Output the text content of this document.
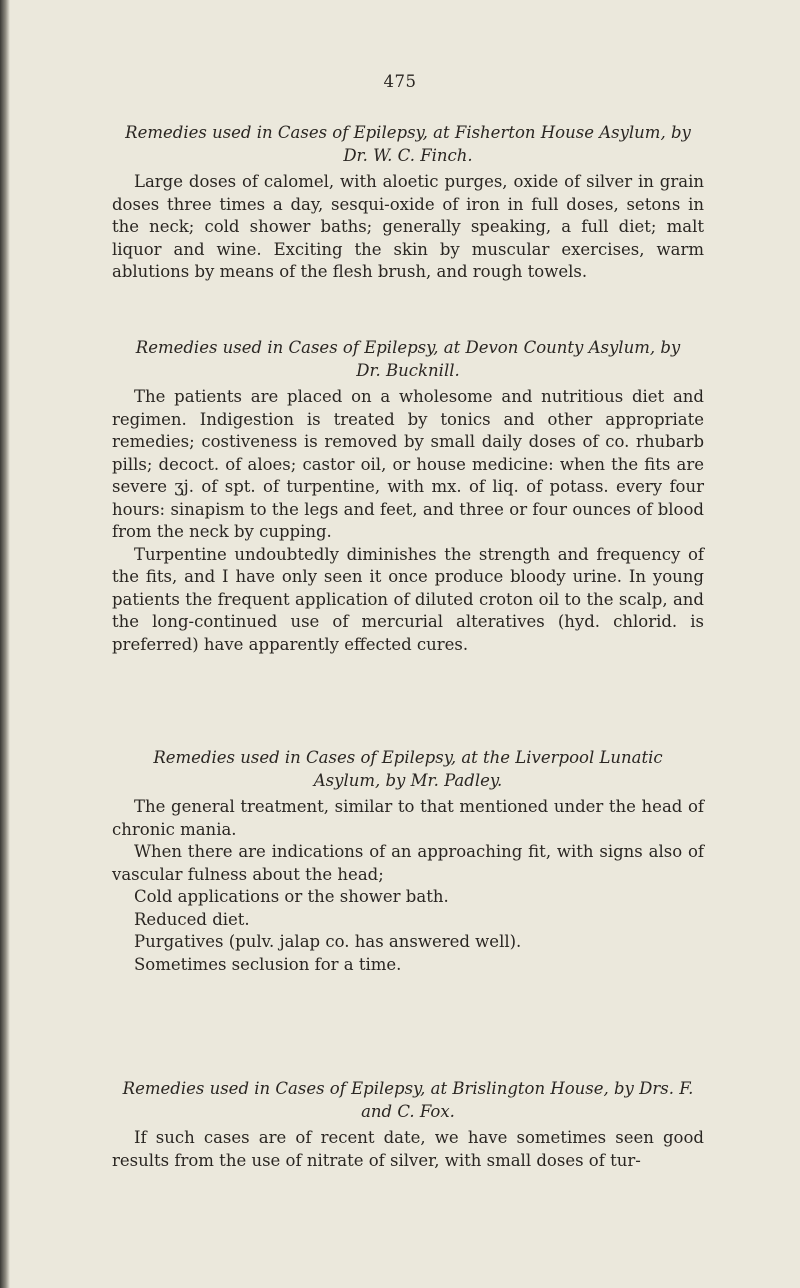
475

Remedies used in Cases of Epilepsy, at Fisherton House Asylum, by Dr. W. C. Finch.

Large doses of calomel, with aloetic purges, oxide of silver in grain doses three times a day, sesqui-oxide of iron in full doses, setons in the neck; cold shower baths; generally speaking, a full diet; malt liquor and wine. Exciting the skin by muscular exercises, warm ablutions by means of the flesh brush, and rough towels.

Remedies used in Cases of Epilepsy, at Devon County Asylum, by Dr. Bucknill.

The patients are placed on a wholesome and nutritious diet and regimen. Indigestion is treated by tonics and other appropriate remedies; costiveness is removed by small daily doses of co. rhubarb pills; decoct. of aloes; castor oil, or house medicine: when the fits are severe ʒj. of spt. of turpentine, with mx. of liq. of potass. every four hours: sinapism to the legs and feet, and three or four ounces of blood from the neck by cupping.

Turpentine undoubtedly diminishes the strength and frequency of the fits, and I have only seen it once produce bloody urine. In young patients the frequent application of diluted croton oil to the scalp, and the long-continued use of mercurial alteratives (hyd. chlorid. is preferred) have apparently effected cures.

Remedies used in Cases of Epilepsy, at the Liverpool Lunatic Asylum, by Mr. Padley.

The general treatment, similar to that mentioned under the head of chronic mania.

When there are indications of an approaching fit, with signs also of vascular fulness about the head;

Cold applications or the shower bath.

Reduced diet.

Purgatives (pulv. jalap co. has answered well).

Sometimes seclusion for a time.

Remedies used in Cases of Epilepsy, at Brislington House, by Drs. F. and C. Fox.

If such cases are of recent date, we have sometimes seen good results from the use of nitrate of silver, with small doses of tur-
